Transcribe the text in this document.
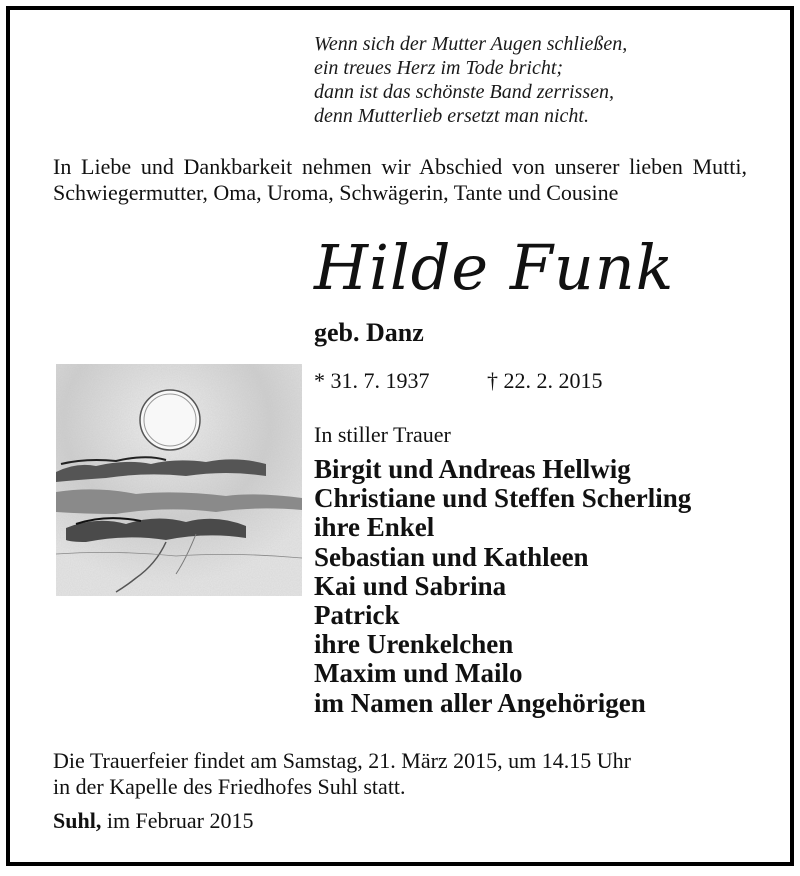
Wenn sich der Mutter Augen schließen,
ein treues Herz im Tode bricht;
dann ist das schönste Band zerrissen,
denn Mutterlieb ersetzt man nicht.
In Liebe und Dankbarkeit nehmen wir Abschied von unserer lieben Mutti, Schwiegermutter, Oma, Uroma, Schwägerin, Tante und Cousine
Hilde Funk
geb. Danz
* 31. 7. 1937	† 22. 2. 2015
In stiller Trauer
Birgit und Andreas Hellwig
Christiane und Steffen Scherling
ihre Enkel
Sebastian und Kathleen
Kai und Sabrina
Patrick
ihre Urenkelchen
Maxim und Mailo
im Namen aller Angehörigen
Die Trauerfeier findet am Samstag, 21. März 2015, um 14.15 Uhr
in der Kapelle des Friedhofes Suhl statt.
Suhl, im Februar 2015
